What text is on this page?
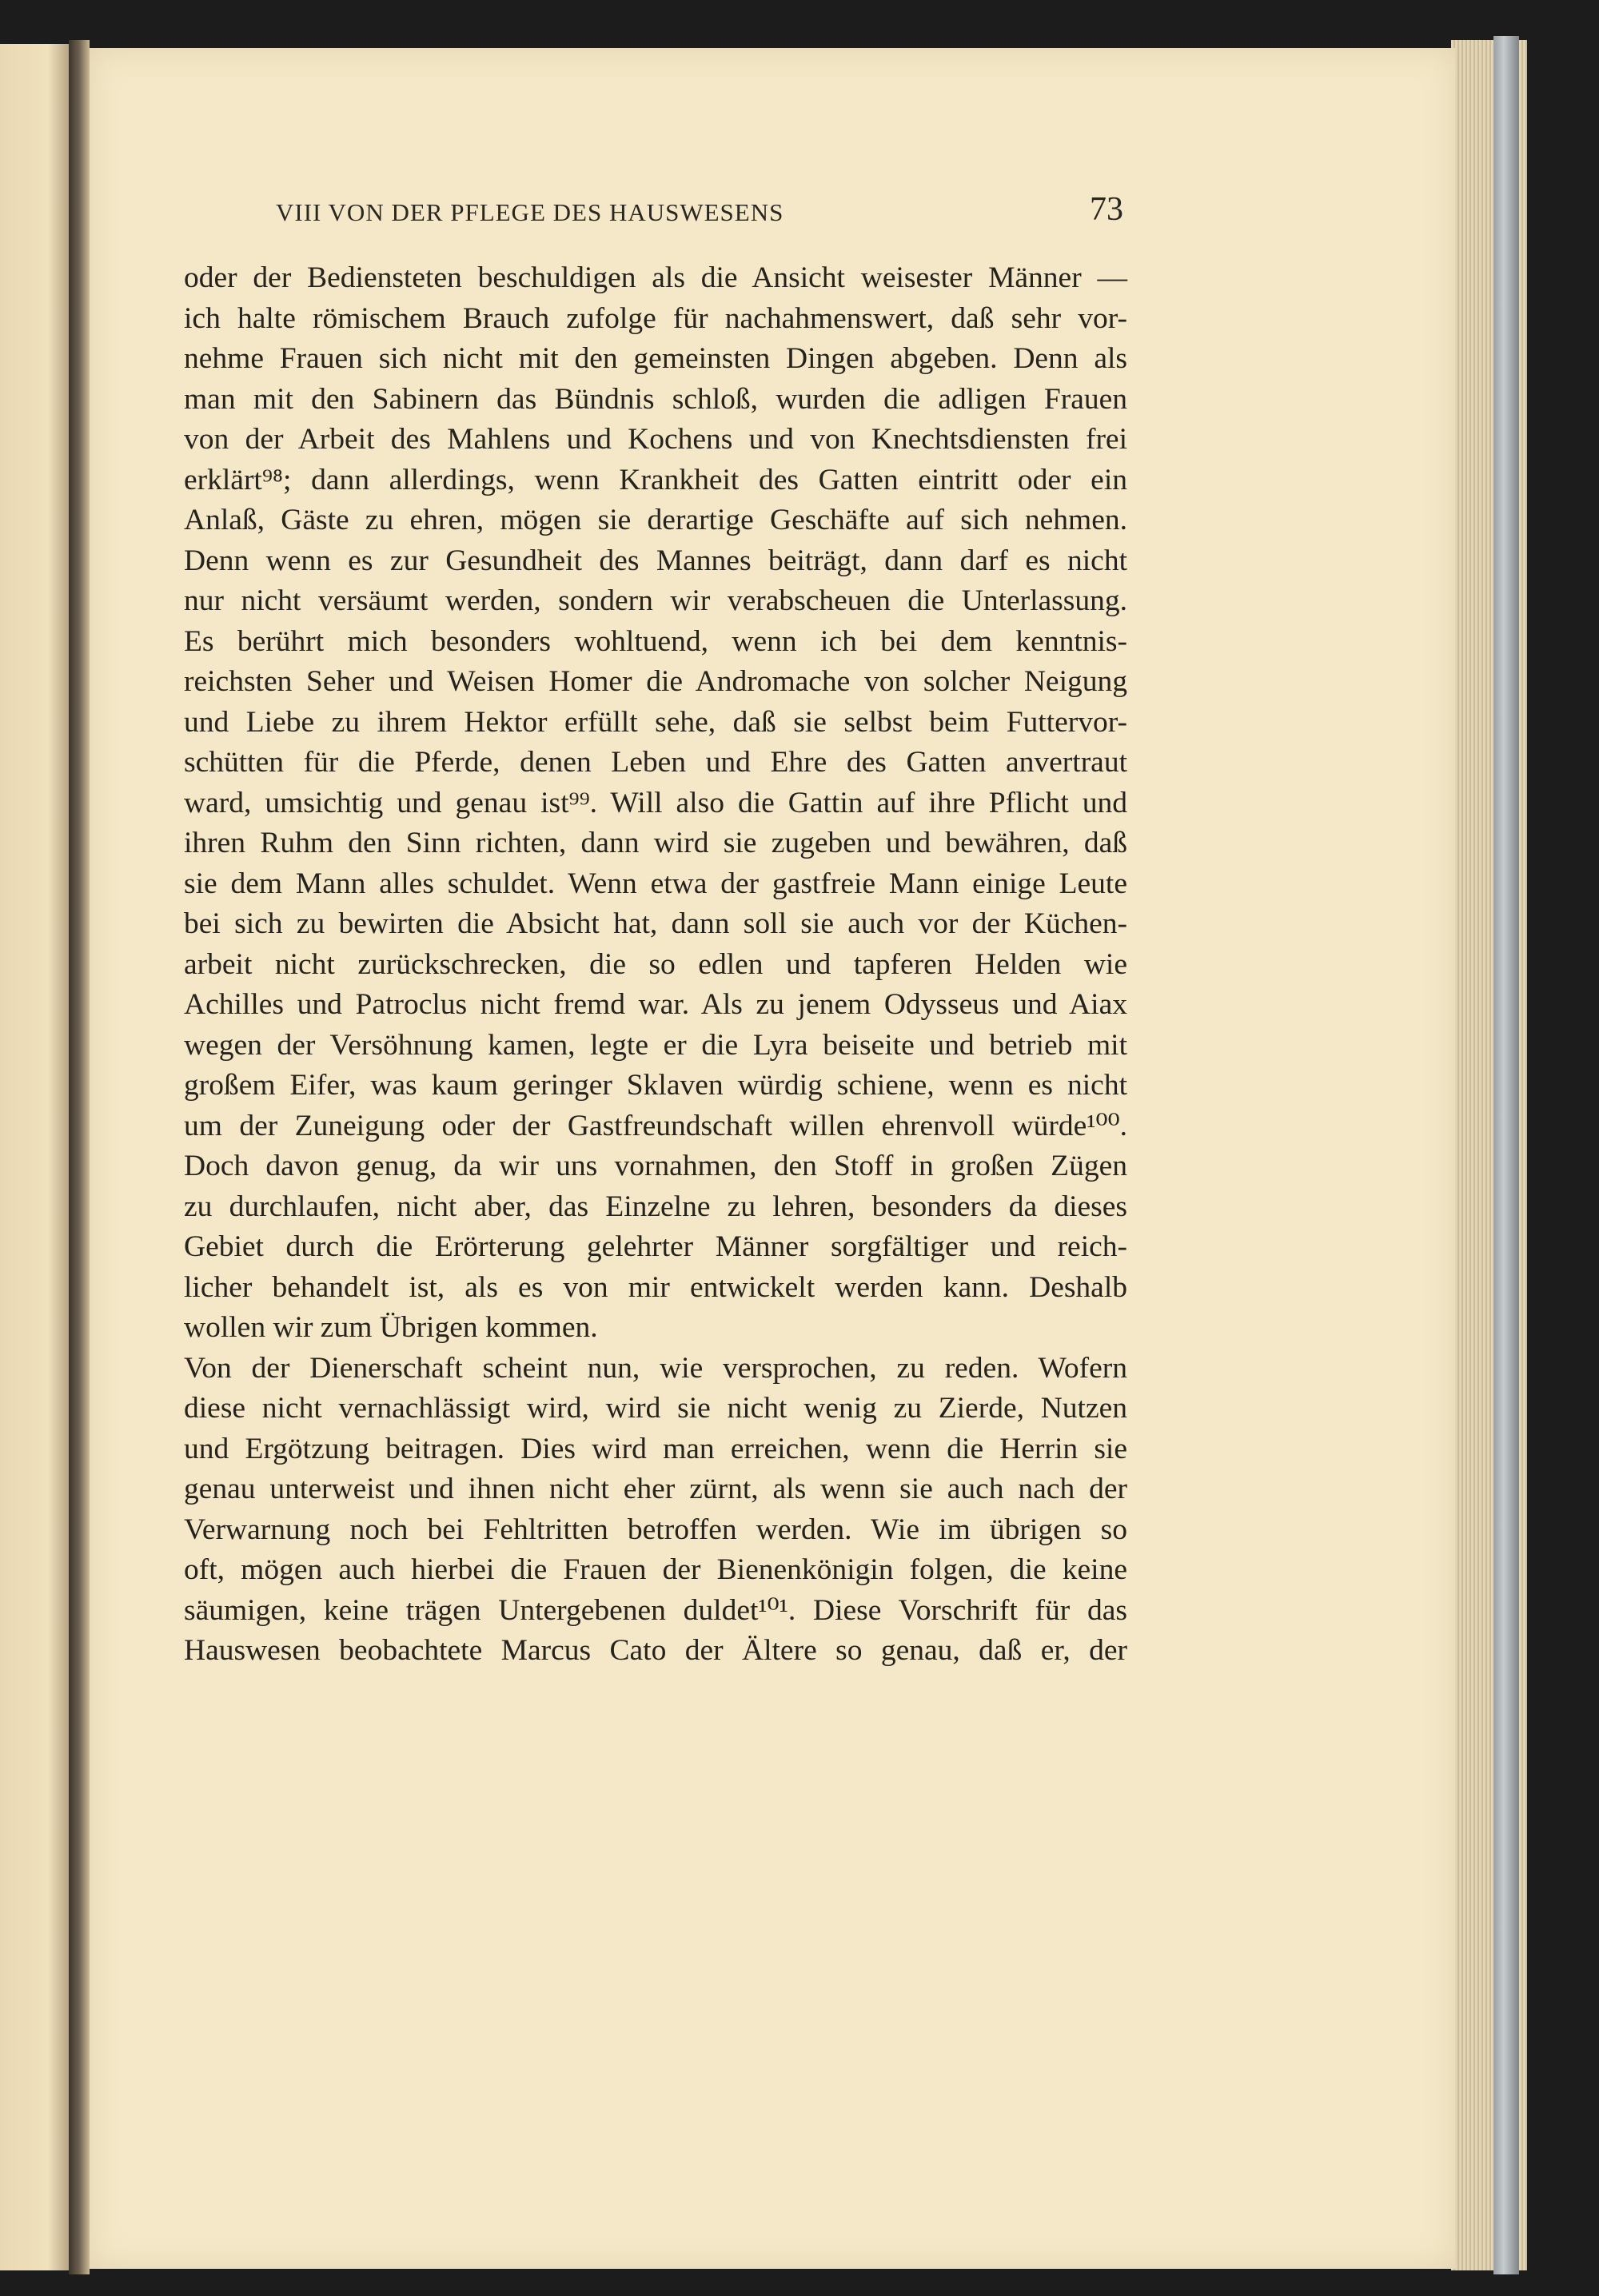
VIII VON DER PFLEGE DES HAUSWESENS	73
oder der Bediensteten beschuldigen als die Ansicht weisester Männer —
ich halte römischem Brauch zufolge für nachahmenswert, daß sehr vor-
nehme Frauen sich nicht mit den gemeinsten Dingen abgeben. Denn als
man mit den Sabinern das Bündnis schloß, wurden die adligen Frauen
von der Arbeit des Mahlens und Kochens und von Knechtsdiensten frei
erklärt⁹⁸; dann allerdings, wenn Krankheit des Gatten eintritt oder ein
Anlaß, Gäste zu ehren, mögen sie derartige Geschäfte auf sich nehmen.
Denn wenn es zur Gesundheit des Mannes beiträgt, dann darf es nicht
nur nicht versäumt werden, sondern wir verabscheuen die Unterlassung.
Es berührt mich besonders wohltuend, wenn ich bei dem kenntnis-
reichsten Seher und Weisen Homer die Andromache von solcher Neigung
und Liebe zu ihrem Hektor erfüllt sehe, daß sie selbst beim Futtervor-
schütten für die Pferde, denen Leben und Ehre des Gatten anvertraut
ward, umsichtig und genau ist⁹⁹. Will also die Gattin auf ihre Pflicht und
ihren Ruhm den Sinn richten, dann wird sie zugeben und bewähren, daß
sie dem Mann alles schuldet. Wenn etwa der gastfreie Mann einige Leute
bei sich zu bewirten die Absicht hat, dann soll sie auch vor der Küchen-
arbeit nicht zurückschrecken, die so edlen und tapferen Helden wie
Achilles und Patroclus nicht fremd war. Als zu jenem Odysseus und Aiax
wegen der Versöhnung kamen, legte er die Lyra beiseite und betrieb mit
großem Eifer, was kaum geringer Sklaven würdig schiene, wenn es nicht
um der Zuneigung oder der Gastfreundschaft willen ehrenvoll würde¹⁰⁰.
Doch davon genug, da wir uns vornahmen, den Stoff in großen Zügen
zu durchlaufen, nicht aber, das Einzelne zu lehren, besonders da dieses
Gebiet durch die Erörterung gelehrter Männer sorgfältiger und reich-
licher behandelt ist, als es von mir entwickelt werden kann. Deshalb
wollen wir zum Übrigen kommen.
Von der Dienerschaft scheint nun, wie versprochen, zu reden. Wofern
diese nicht vernachlässigt wird, wird sie nicht wenig zu Zierde, Nutzen
und Ergötzung beitragen. Dies wird man erreichen, wenn die Herrin sie
genau unterweist und ihnen nicht eher zürnt, als wenn sie auch nach der
Verwarnung noch bei Fehltritten betroffen werden. Wie im übrigen so
oft, mögen auch hierbei die Frauen der Bienenkönigin folgen, die keine
säumigen, keine trägen Untergebenen duldet¹⁰¹. Diese Vorschrift für das
Hauswesen beobachtete Marcus Cato der Ältere so genau, daß er, der
